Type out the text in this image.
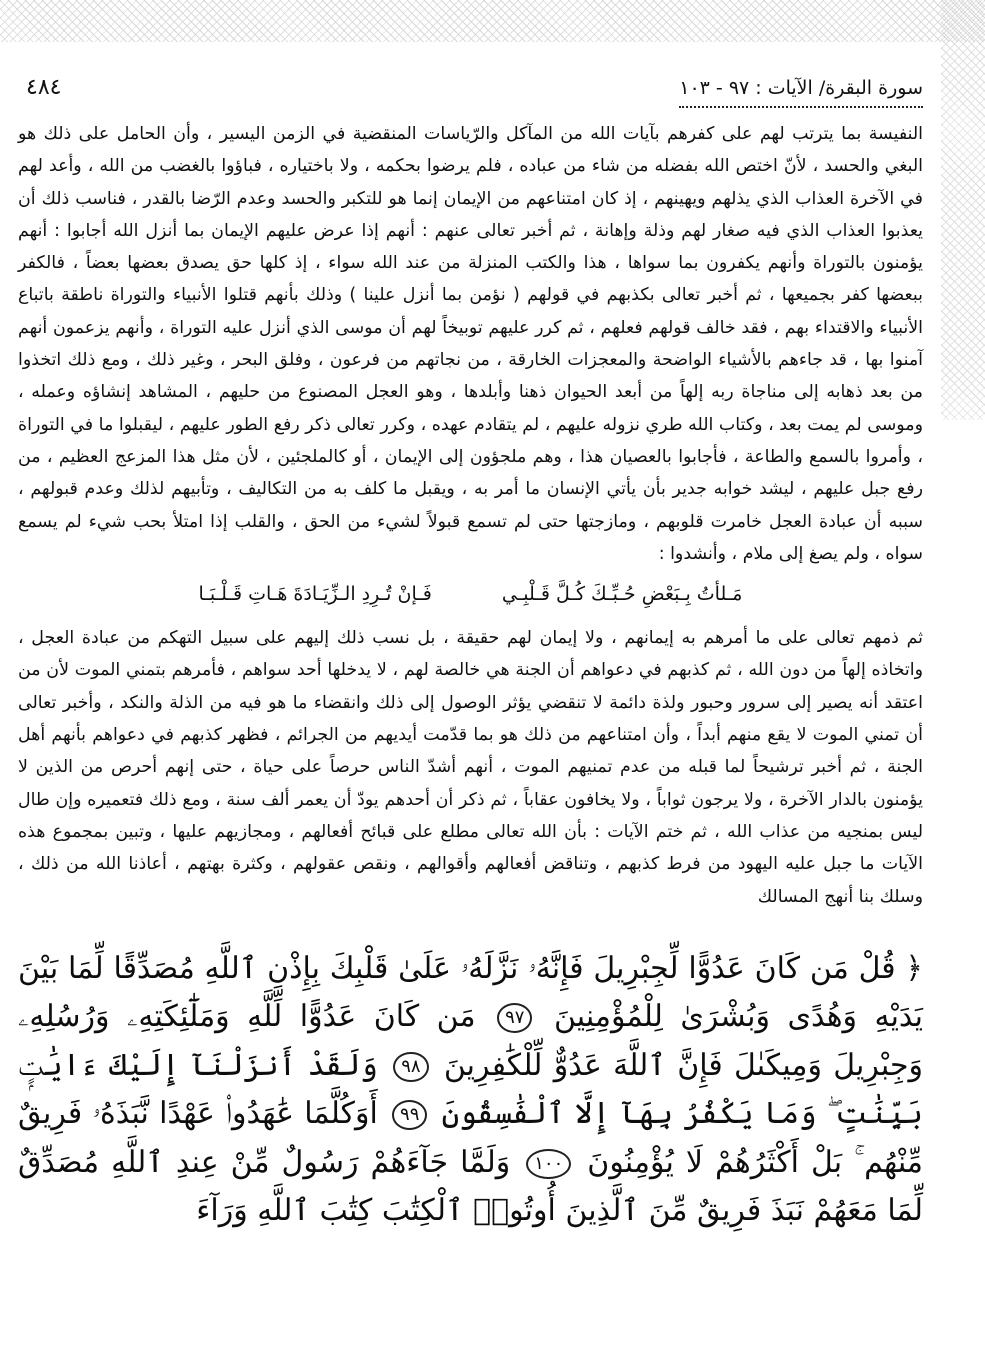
سورة البقرة/ الآيات : ٩٧ - ١٠٣
٤٨٤

النفيسة بما يترتب لهم على كفرهم بآيات الله من المآكل والرّياسات المنقضية في الزمن اليسير ، وأن الحامل على ذلك هو البغي والحسد ، لأنّ اختص الله بفضله من شاء من عباده ، فلم يرضوا بحكمه ، ولا باختياره ، فباؤوا بالغضب من الله ، وأعد لهم في الآخرة العذاب الذي يذلهم ويهينهم ، إذ كان امتناعهم من الإيمان إنما هو للتكبر والحسد وعدم الرّضا بالقدر ، فناسب ذلك أن يعذبوا العذاب الذي فيه صغار لهم وذلة وإهانة ، ثم أخبر تعالى عنهم : أنهم إذا عرض عليهم الإيمان بما أنزل الله أجابوا : أنهم يؤمنون بالتوراة وأنهم يكفرون بما سواها ، هذا والكتب المنزلة من عند الله سواء ، إذ كلها حق يصدق بعضها بعضاً ، فالكفر ببعضها كفر بجميعها ، ثم أخبر تعالى بكذبهم في قولهم ( نؤمن بما أنزل علينا ) وذلك بأنهم قتلوا الأنبياء والتوراة ناطقة باتباع الأنبياء والاقتداء بهم ، فقد خالف قولهم فعلهم ، ثم كرر عليهم توبيخاً لهم أن موسى الذي أنزل عليه التوراة ، وأنهم يزعمون أنهم آمنوا بها ، قد جاءهم بالأشياء الواضحة والمعجزات الخارقة ، من نجاتهم من فرعون ، وفلق البحر ، وغير ذلك ، ومع ذلك اتخذوا من بعد ذهابه إلى مناجاة ربه إلهاً من أبعد الحيوان ذهنا وأبلدها ، وهو العجل المصنوع من حليهم ، المشاهد إنشاؤه وعمله ، وموسى لم يمت بعد ، وكتاب الله طري نزوله عليهم ، لم يتقادم عهده ، وكرر تعالى ذكر رفع الطور عليهم ، ليقبلوا ما في التوراة ، وأمروا بالسمع والطاعة ، فأجابوا بالعصيان هذا ، وهم ملجؤون إلى الإيمان ، أو كالملجئين ، لأن مثل هذا المزعج العظيم ، من رفع جبل عليهم ، ليشد خوابه جدير بأن يأتي الإنسان ما أمر به ، ويقبل ما كلف به من التكاليف ، وتأبيهم لذلك وعدم قبولهم ، سببه أن عبادة العجل خامرت قلوبهم ، ومازجتها حتى لم تسمع قبولاً لشيء من الحق ، والقلب إذا امتلأ بحب شيء لم يسمع سواه ، ولم يصغ إلى ملام ، وأنشدوا :

مَـلأتُ بِـبَعْضِ حُـبِّـكَ كُـلَّ قَـلْبِـي
فَـإنْ تُـرِدِ الـزِّيَـادَةَ هَـاتِ قَـلْـبَـا

ثم ذمهم تعالى على ما أمرهم به إيمانهم ، ولا إيمان لهم حقيقة ، بل نسب ذلك إليهم على سبيل التهكم من عبادة العجل ، واتخاذه إلهاً من دون الله ، ثم كذبهم في دعواهم أن الجنة هي خالصة لهم ، لا يدخلها أحد سواهم ، فأمرهم بتمني الموت لأن من اعتقد أنه يصير إلى سرور وحبور ولذة دائمة لا تنقضي يؤثر الوصول إلى ذلك وانقضاء ما هو فيه من الذلة والنكد ، وأخبر تعالى أن تمني الموت لا يقع منهم أبداً ، وأن امتناعهم من ذلك هو بما قدّمت أيديهم من الجرائم ، فظهر كذبهم في دعواهم بأنهم أهل الجنة ، ثم أخبر ترشيحاً لما قبله من عدم تمنيهم الموت ، أنهم أشدّ الناس حرصاً على حياة ، حتى إنهم أحرص من الذين لا يؤمنون بالدار الآخرة ، ولا يرجون ثواباً ، ولا يخافون عقاباً ، ثم ذكر أن أحدهم يودّ أن يعمر ألف سنة ، ومع ذلك فتعميره وإن طال ليس بمنجيه من عذاب الله ، ثم ختم الآيات : بأن الله تعالى مطلع على قبائح أفعالهم ، ومجازيهم عليها ، وتبين بمجموع هذه الآيات ما جبل عليه اليهود من فرط كذبهم ، وتناقض أفعالهم وأقوالهم ، ونقص عقولهم ، وكثرة بهتهم ، أعاذنا الله من ذلك ، وسلك بنا أنهج المسالك

﴿ قُلْ مَن كَانَ عَدُوًّا لِّجِبْرِيلَ فَإِنَّهُۥ نَزَّلَهُۥ عَلَىٰ قَلْبِكَ بِإِذْنِ ٱللَّهِ مُصَدِّقًا لِّمَا بَيْنَ يَدَيْهِ وَهُدًى وَبُشْرَىٰ لِلْمُؤْمِنِينَ ٩٧ مَن كَانَ عَدُوًّا لِّلَّهِ وَمَلَٰٓئِكَتِهِۦ وَرُسُلِهِۦ وَجِبْرِيلَ وَمِيكَىٰلَ فَإِنَّ ٱللَّهَ عَدُوٌّ لِّلْكَٰفِرِينَ ٩٨ وَلَقَدْ أَنزَلْنَآ إِلَيْكَ ءَايَٰتٍۭ بَيِّنَٰتٍ ۖ وَمَا يَكْفُرُ بِهَآ إِلَّا ٱلْفَٰسِقُونَ ٩٩ أَوَكُلَّمَا عَٰهَدُوا۟ عَهْدًا نَّبَذَهُۥ فَرِيقٌ مِّنْهُم ۚ بَلْ أَكْثَرُهُمْ لَا يُؤْمِنُونَ ١٠٠ وَلَمَّا جَآءَهُمْ رَسُولٌ مِّنْ عِندِ ٱللَّهِ مُصَدِّقٌ لِّمَا مَعَهُمْ نَبَذَ فَرِيقٌ مِّنَ ٱلَّذِينَ أُوتُوا۟ ٱلْكِتَٰبَ كِتَٰبَ ٱللَّهِ وَرَآءَ
